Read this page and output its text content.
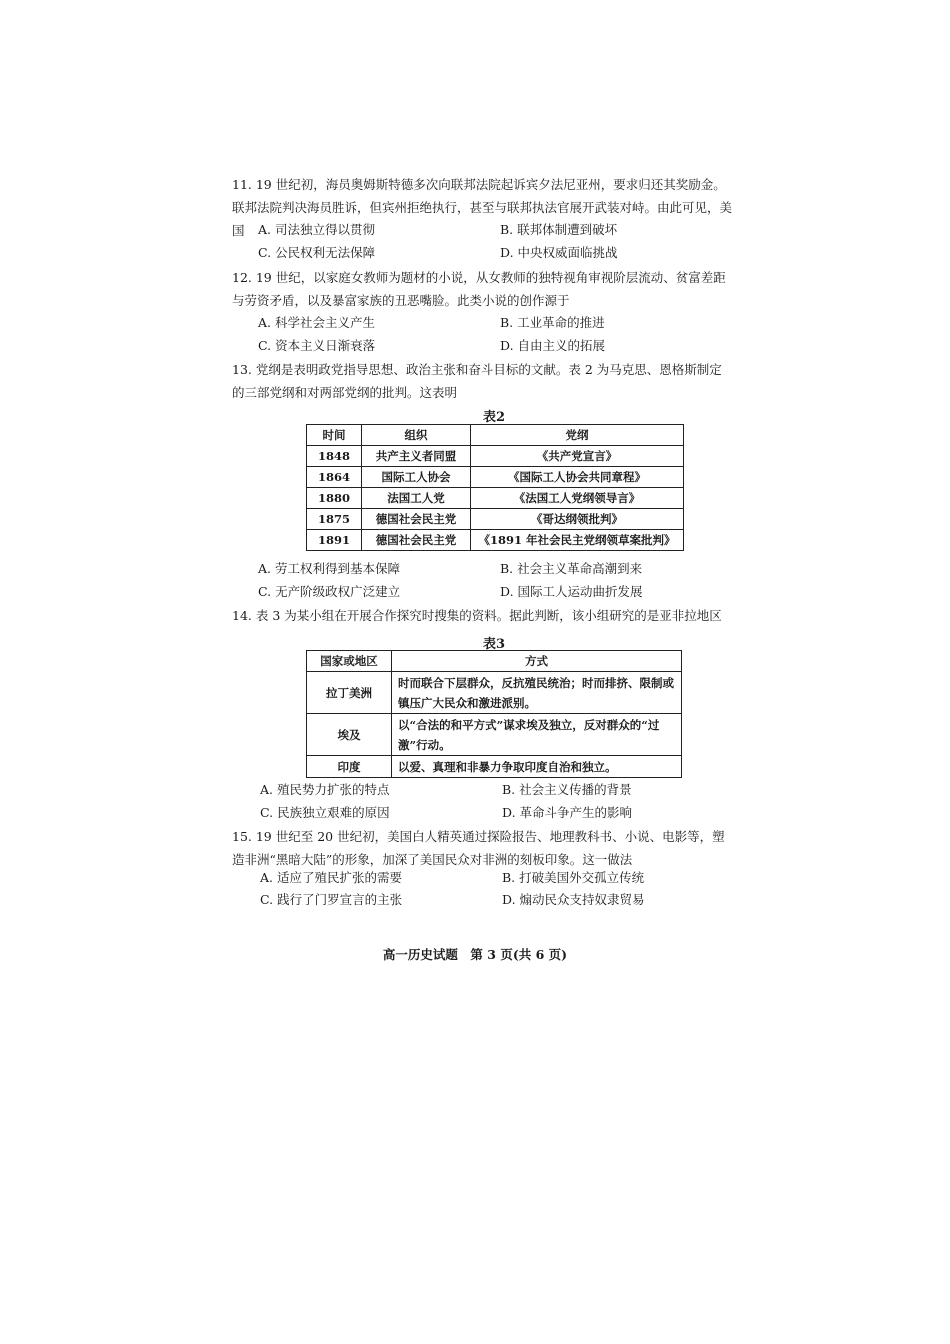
11. 19 世纪初，海员奥姆斯特德多次向联邦法院起诉宾夕法尼亚州，要求归还其奖励金。联邦法院判决海员胜诉，但宾州拒绝执行，甚至与联邦执法官展开武装对峙。由此可见，美国	A. 司法独立得以贯彻	B. 联邦体制遭到破坏
C. 公民权利无法保障	D. 中央权威面临挑战
12. 19 世纪，以家庭女教师为题材的小说，从女教师的独特视角审视阶层流动、贫富差距与劳资矛盾，以及暴富家族的丑恶嘴脸。此类小说的创作源于
A. 科学社会主义产生	B. 工业革命的推进
C. 资本主义日渐衰落	D. 自由主义的拓展
13. 党纲是表明政党指导思想、政治主张和奋斗目标的文献。表 2 为马克思、恩格斯制定的三部党纲和对两部党纲的批判。这表明
表2
时间	组织	党纲
1848	共产主义者同盟	《共产党宣言》
1864	国际工人协会	《国际工人协会共同章程》
1880	法国工人党	《法国工人党纲领导言》
1875	德国社会民主党	《哥达纲领批判》
1891	德国社会民主党	《1891 年社会民主党纲领草案批判》
A. 劳工权利得到基本保障	B. 社会主义革命高潮到来
C. 无产阶级政权广泛建立	D. 国际工人运动曲折发展
14. 表 3 为某小组在开展合作探究时搜集的资料。据此判断，该小组研究的是亚非拉地区
表3
国家或地区	方式
拉丁美洲	时而联合下层群众，反抗殖民统治；时而排挤、限制或镇压广大民众和激进派别。
埃及	以“合法的和平方式”谋求埃及独立，反对群众的“过激”行动。
印度	以爱、真理和非暴力争取印度自治和独立。
A. 殖民势力扩张的特点	B. 社会主义传播的背景
C. 民族独立艰难的原因	D. 革命斗争产生的影响
15. 19 世纪至 20 世纪初，美国白人精英通过探险报告、地理教科书、小说、电影等，塑造非洲“黑暗大陆”的形象，加深了美国民众对非洲的刻板印象。这一做法
A. 适应了殖民扩张的需要	B. 打破美国外交孤立传统
C. 践行了门罗宣言的主张	D. 煽动民众支持奴隶贸易
高一历史试题　第 3 页(共 6 页)
